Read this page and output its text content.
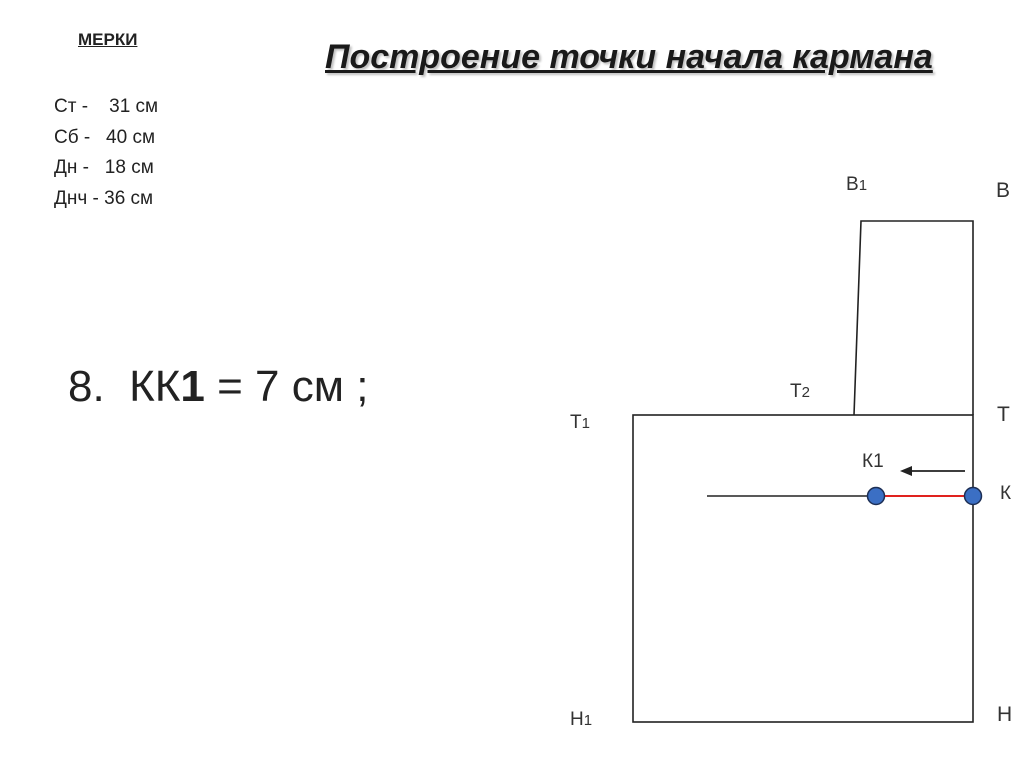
МЕРКИ
Ст -    31 см
Сб -   40 см
Дн -   18 см
Днч - 36 см
Построение точки начала кармана
8. КК1 = 7 см ;
В1	В
Т2
Т1	Т
К1
К
Н1	Н
